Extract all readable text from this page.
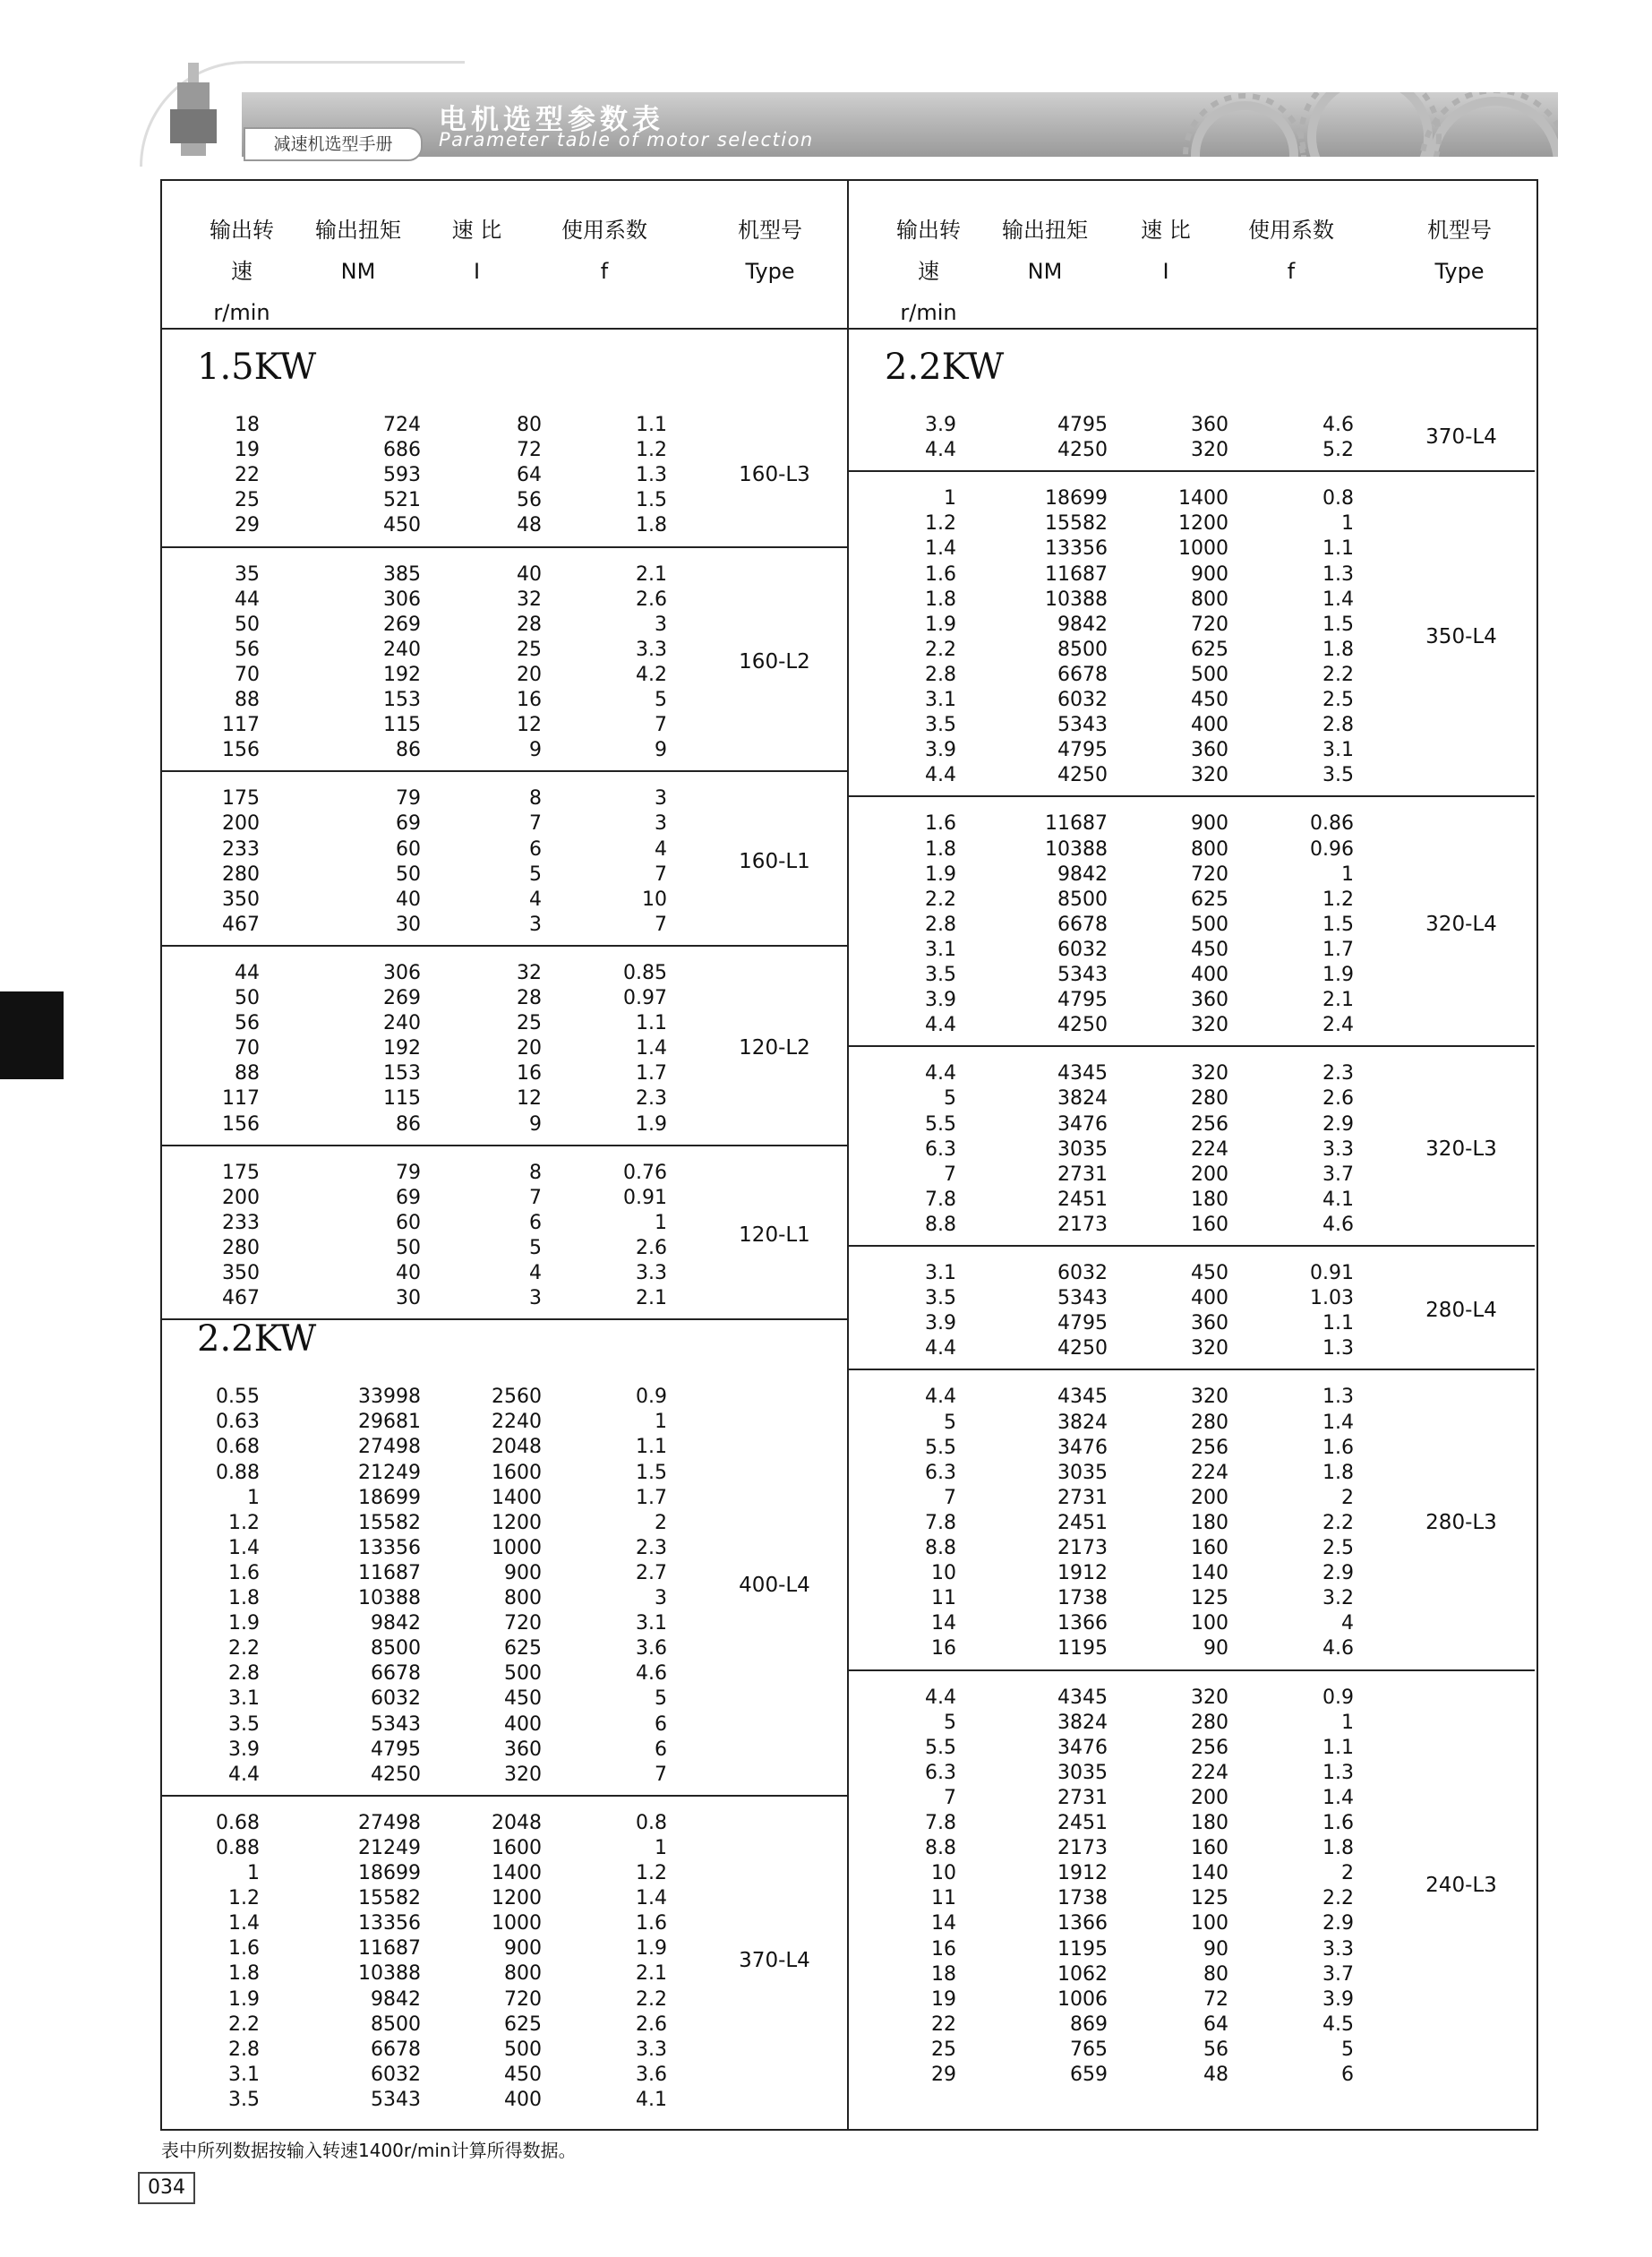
减速机选型手册
电机选型参数表
Parameter table of motor selection
输出转速
r/min
输出扭矩
NM
速 比
I
使用系数
f
机型号
Type
1.5KW
18	724	80	1.1
19	686	72	1.2
22	593	64	1.3
25	521	56	1.5
29	450	48	1.8
160-L3
35	385	40	2.1
44	306	32	2.6
50	269	28	3
56	240	25	3.3
70	192	20	4.2
88	153	16	5
117	115	12	7
156	86	9	9
160-L2
175	79	8	3
200	69	7	3
233	60	6	4
280	50	5	7
350	40	4	10
467	30	3	7
160-L1
44	306	32	0.85
50	269	28	0.97
56	240	25	1.1
70	192	20	1.4
88	153	16	1.7
117	115	12	2.3
156	86	9	1.9
120-L2
175	79	8	0.76
200	69	7	0.91
233	60	6	1
280	50	5	2.6
350	40	4	3.3
467	30	3	2.1
120-L1
2.2KW
0.55	33998	2560	0.9
0.63	29681	2240	1
0.68	27498	2048	1.1
0.88	21249	1600	1.5
1	18699	1400	1.7
1.2	15582	1200	2
1.4	13356	1000	2.3
1.6	11687	900	2.7
1.8	10388	800	3
1.9	9842	720	3.1
2.2	8500	625	3.6
2.8	6678	500	4.6
3.1	6032	450	5
3.5	5343	400	6
3.9	4795	360	6
4.4	4250	320	7
400-L4
0.68	27498	2048	0.8
0.88	21249	1600	1
1	18699	1400	1.2
1.2	15582	1200	1.4
1.4	13356	1000	1.6
1.6	11687	900	1.9
1.8	10388	800	2.1
1.9	9842	720	2.2
2.2	8500	625	2.6
2.8	6678	500	3.3
3.1	6032	450	3.6
3.5	5343	400	4.1
370-L4
输出转速
r/min
输出扭矩
NM
速 比
I
使用系数
f
机型号
Type
2.2KW
3.9	4795	360	4.6
4.4	4250	320	5.2
370-L4
1	18699	1400	0.8
1.2	15582	1200	1
1.4	13356	1000	1.1
1.6	11687	900	1.3
1.8	10388	800	1.4
1.9	9842	720	1.5
2.2	8500	625	1.8
2.8	6678	500	2.2
3.1	6032	450	2.5
3.5	5343	400	2.8
3.9	4795	360	3.1
4.4	4250	320	3.5
350-L4
1.6	11687	900	0.86
1.8	10388	800	0.96
1.9	9842	720	1
2.2	8500	625	1.2
2.8	6678	500	1.5
3.1	6032	450	1.7
3.5	5343	400	1.9
3.9	4795	360	2.1
4.4	4250	320	2.4
320-L4
4.4	4345	320	2.3
5	3824	280	2.6
5.5	3476	256	2.9
6.3	3035	224	3.3
7	2731	200	3.7
7.8	2451	180	4.1
8.8	2173	160	4.6
320-L3
3.1	6032	450	0.91
3.5	5343	400	1.03
3.9	4795	360	1.1
4.4	4250	320	1.3
280-L4
4.4	4345	320	1.3
5	3824	280	1.4
5.5	3476	256	1.6
6.3	3035	224	1.8
7	2731	200	2
7.8	2451	180	2.2
8.8	2173	160	2.5
10	1912	140	2.9
11	1738	125	3.2
14	1366	100	4
16	1195	90	4.6
280-L3
4.4	4345	320	0.9
5	3824	280	1
5.5	3476	256	1.1
6.3	3035	224	1.3
7	2731	200	1.4
7.8	2451	180	1.6
8.8	2173	160	1.8
10	1912	140	2
11	1738	125	2.2
14	1366	100	2.9
16	1195	90	3.3
18	1062	80	3.7
19	1006	72	3.9
22	869	64	4.5
25	765	56	5
29	659	48	6
240-L3
表中所列数据按输入转速1400r/min计算所得数据。
034
